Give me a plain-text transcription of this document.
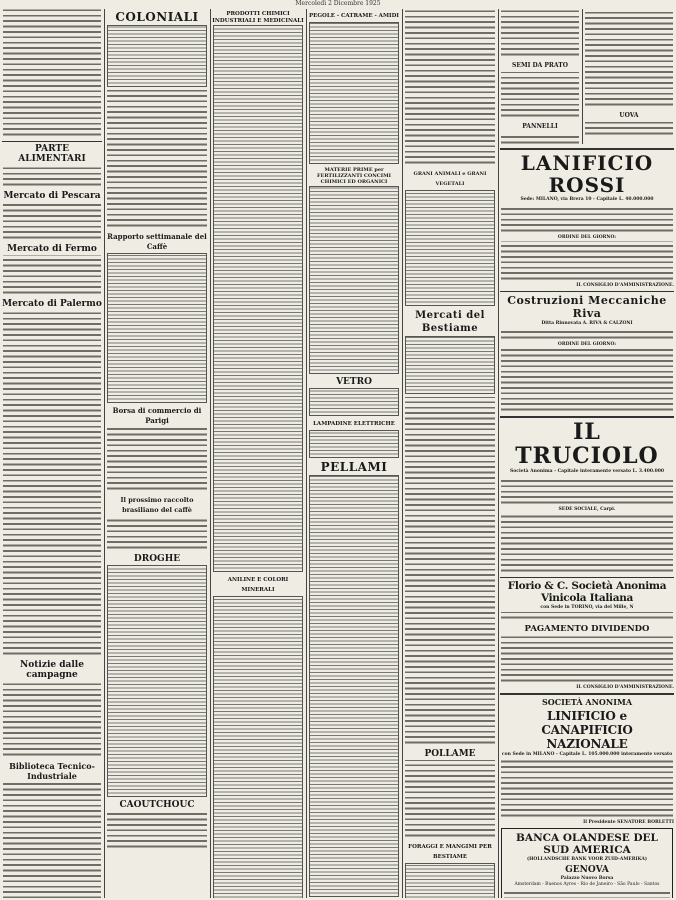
Mercoledì 2 Dicembre 1925
PARTE ALIMENTARI
Mercato di Pescara
Mercato di Fermo
Mercato di Palermo
Notizie dalle campagne
Biblioteca Tecnico-Industriale
COLONIALI
Rapporto settimanale del Caffè
Borsa di commercio di Parigi
Il prossimo raccolto brasiliano del caffè
DROGHE
CAOUTCHOUC
PRODOTTI CHIMICI INDUSTRIALI E MEDICINALI
ANILINE E COLORI MINERALI
PEGOLE - CATRAME - AMIDI
MATERIE PRIME per FERTILIZZANTI CONCIMI CHIMICI ED ORGANICI
VETRO
LAMPADINE ELETTRICHE
PELLAMI
GRANI ANIMALI e GRANI VEGETALI
Mercati del Bestiame
POLLAME
FORAGGI E MANGIMI PER BESTIAME
SEMI DA PRATO
PANNELLI
UOVA
LANIFICIO ROSSI
Sede: MILANO, via Brera 10 - Capitale L. 40.000.000
ORDINE DEL GIORNO:
IL CONSIGLIO D'AMMINISTRAZIONE.
Costruzioni Meccaniche Riva
Ditta Rinnovata A. RIVA & CALZONI
ORDINE DEL GIORNO:
IL TRUCIOLO
Società Anonima - Capitale interamente versato L. 3.400.000
SEDE SOCIALE, Carpi.
Florio & C. Società Anonima Vinicola Italiana
con Sede in TORINO, via del Mille, N
PAGAMENTO DIVIDENDO
IL CONSIGLIO D'AMMINISTRAZIONE.
SOCIETÀ ANONIMA
LINIFICIO e CANAPIFICIO NAZIONALE
con Sede in MILANO - Capitale L. 105.000.000 interamente versato
Il Presidente SENATORE BORLETTI
BANCA OLANDESE DEL SUD AMERICA
(HOLLANDSCHE BANK VOOR ZUID-AMERIKA)
GENOVA
Palazzo Nuovo Borsa
Amsterdam - Buenos Ayres - Rio de Janeiro - São Paulo - Santos
